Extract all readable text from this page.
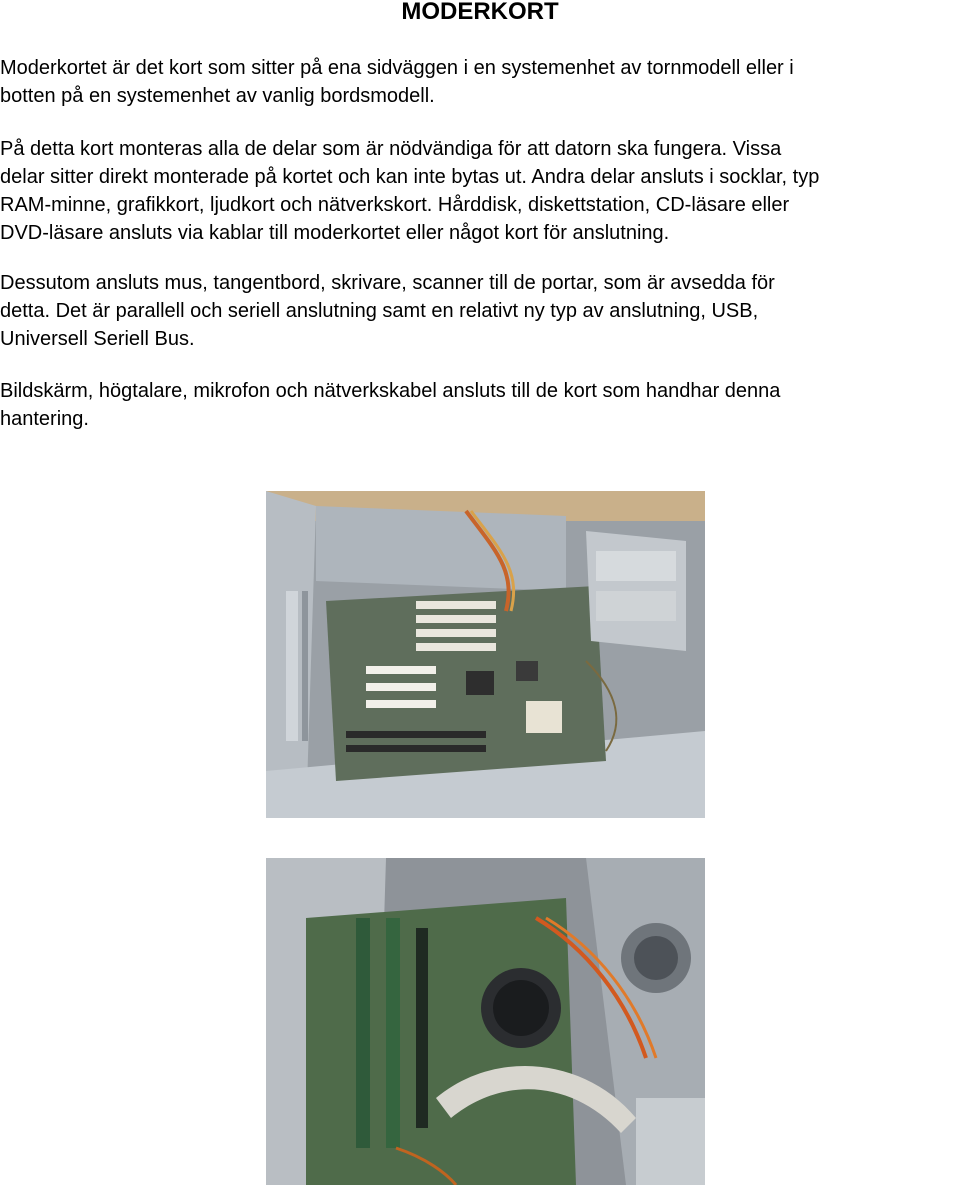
MODERKORT

Moderkortet är det kort som sitter på ena sidväggen i en systemenhet av tornmodell eller i
botten på en systemenhet av vanlig bordsmodell.

På detta kort monteras alla de delar som är nödvändiga för att datorn ska fungera. Vissa
delar sitter direkt monterade på kortet och kan inte bytas ut. Andra delar ansluts i socklar, typ
RAM-minne, grafikkort, ljudkort och nätverkskort. Hårddisk, diskettstation, CD-läsare eller
DVD-läsare ansluts via kablar till moderkortet eller något kort för anslutning.

Dessutom ansluts mus, tangentbord, skrivare, scanner till de portar, som är avsedda för
detta. Det är parallell och seriell anslutning samt en relativt ny typ av anslutning, USB,
Universell Seriell Bus.

Bildskärm, högtalare, mikrofon och nätverkskabel ansluts till de kort som handhar denna
hantering.
